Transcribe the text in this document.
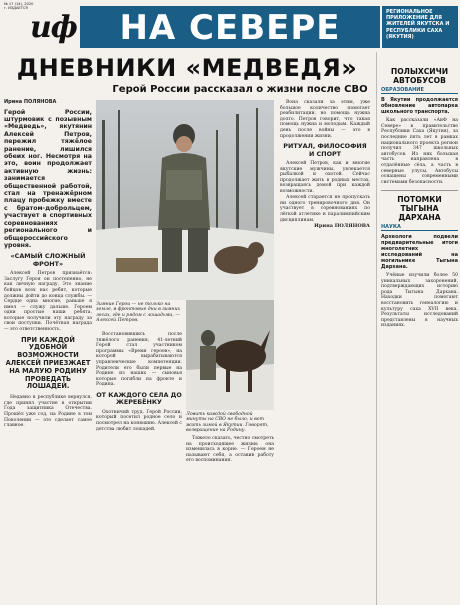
№ 17 (14), 2020 г. ИЗДАЕТСЯ
иф	НА СЕВЕРЕ	РЕГИОНАЛЬНОЕ ПРИЛОЖЕНИЕ ДЛЯ ЖИТЕЛЕЙ ЯКУТСКА И РЕСПУБЛИКИ САХА (ЯКУТИЯ)
ДНЕВНИКИ «МЕДВЕДЯ»
Герой России рассказал о жизни после СВО
Ирина ПОЛЯНОВА
Герой России, штурмовик с позывным «Медведь», якутянин Алексей Петров, пережил тяжёлое ранение, лишился обеих ног. Несмотря на это, воин продолжает активную жизнь: занимается общественной работой, стал на тренажёрном плацу пробежку вместе с братом-доброльцем, участвует в спортивных соревнованиях регионального и общероссийского уровня.
«САМЫЙ СЛОЖНЫЙ ФРОНТ»

Алексей Петров признаётся: Заслугу Героя он постепенно, не как личную награду. Это знание бойцов всех нас ребят, которые должны дойти до конца службы. — Сердце одна многие, раньше я имел — служу дальше. Героем одни простые наши ребята, которые получили эту награду за свои поступки. Почётная награда — это ответственность.

ПРИ КАЖДОЙ УДОБНОЙ ВОЗМОЖНОСТИ АЛЕКСЕЙ ПРИЕЗЖАЕТ НА МАЛУЮ РОДИНУ ПРОВЕДАТЬ ЛОШАДЕЙ.

Недавно в республике вернулся, где принял участие в открытии Года защитника Отечества. Прошёл уже год, на Родине в том Поколении — это сделает самое главное.

Зимние Герои — не только на земле, в фронтовые дни в зимних лесах, где и рядом с лошадьми, — Алексей Петров.

Восстановившись после тяжёлого ранения, 41-летний Герой стал участником программы «Время героев», на которой вырабатываются управленческие компетенции. Родители его были первые на Родине из наших — сыновья которые погибли на фронте и Родина.

ОТ КАЖДОГО СЕЛА ДО ЖЕРЕБЁНКУ

Охотничий труд. Герой России, который посетил родное село и посмотрел на конюшню. Алексей с детства любит лошадей.

Ловить каждой свободной минуты на СВО не было, и вот жить зимой в Якутии. Говорят, возвращение на Родину.

Тяжело сказать, честно смотреть на происходящее жизни: она изменилась в корне. — Героем не называют себя, а оставив работу его воспоминания.

Вона сказали за этим, уже большое количество помогает реабилитации, но помощь нужна долго. Петров говорит, что такая помощь нужна и молодым. Каждый день после войны — это в продолжении жизни.

РИТУАЛ, ФИЛОСОФИЯ И СПОРТ

Алексей Петров, как и многие якутские мужчины, увлекается рыбалкой и охотой. Сейчас продолжает жить в родных местах, возвращаясь домой при каждой возможности.

Алексей старается не пропускать ни одного тренировочного дня. Он участвует в соревнованиях по лёгкой атлетике и паралимпийским дисциплинам.

Ирина ПОЛЯНОВА
ПОЛЫХСИЧИ АВТОБУСОВ
ОБРАЗОВАНИЕ
В Якутии продолжается обновление автопарка школьного транспорта.

Как рассказали «АиФ на Севере» в правительстве Республики Саха (Якутия), за последние пять лет в рамках национального проекта регион получил 347 школьных автобусов. Из них большая часть направлена в отдалённые сёла, а часть в северные улусы. Автобусы оснащены современными системами безопасности.

ПОТОМКИ ТЫГЫНА ДАРХАНА
НАУКА
Археологи подвели предварительные итоги многолетних исследований на могильнике Тыгына Дархана.

Учёные изучили более 50 уникальных захоронений, подтверждающих историю рода Тыгына Дархана. Находки помогают восстановить генеалогию и культуру саха XVII века. Результаты исследований представлены в научных изданиях.
